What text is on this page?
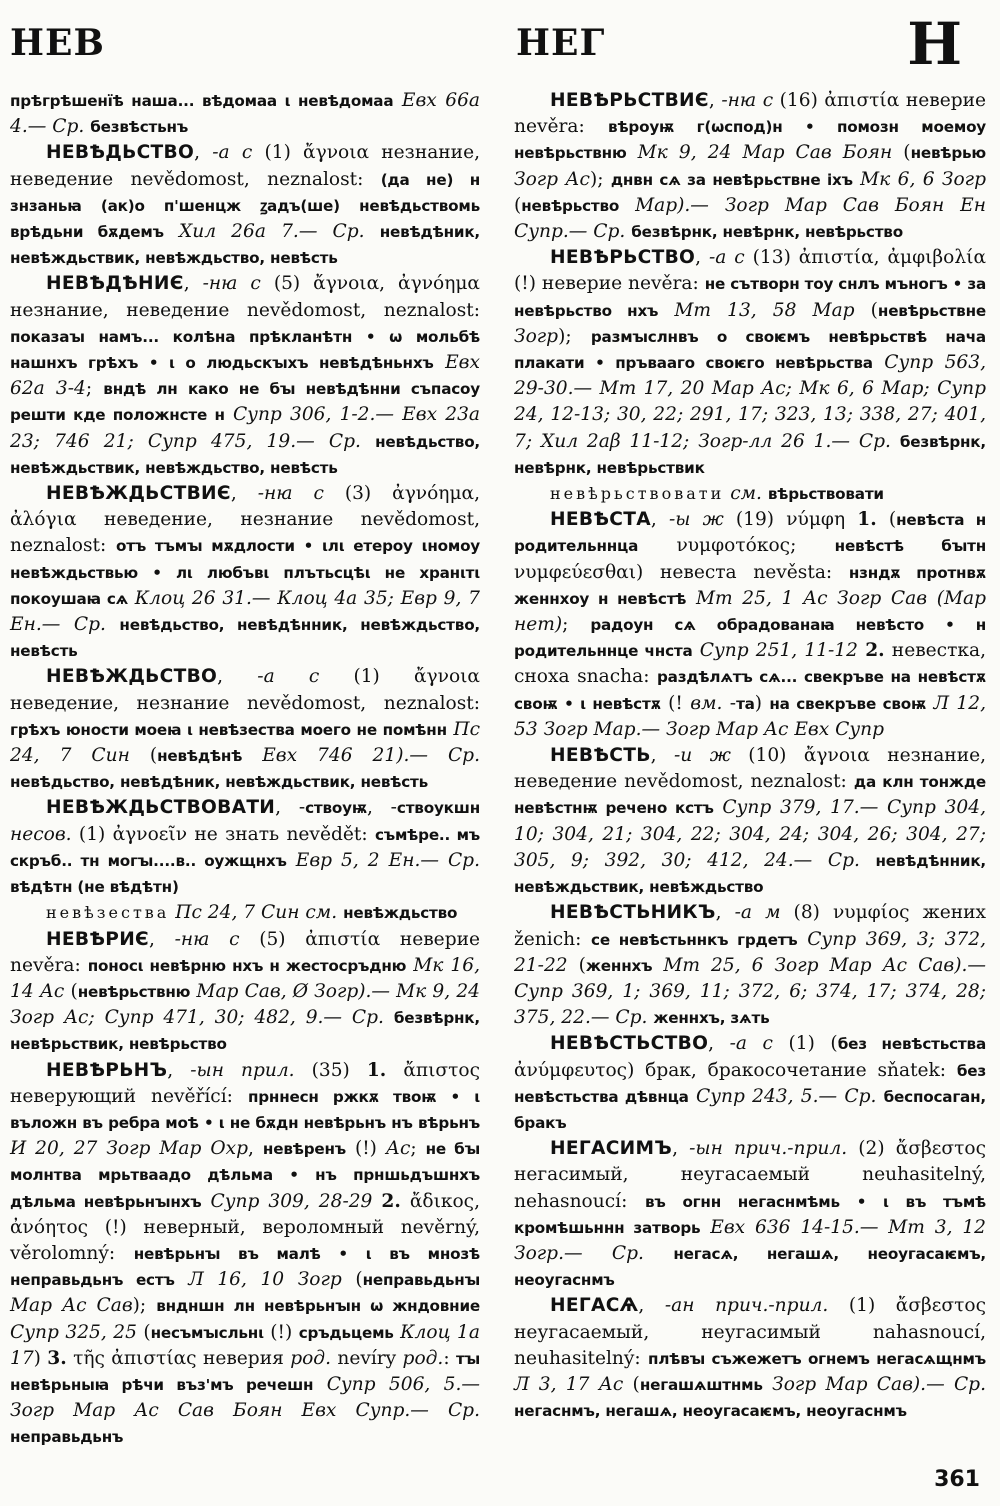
НЕВ	НЕГ	Н

прѣгрѣшенїѣ наша... вѣдомаа ι невѣдомаа Евх 66а 4.— Ср. безвѣстьнъ

НЕВѢДЬСТВО, -а с (1) ἄγνοια незнание, неведение nevědomost, neznalost: (да не) н знзаньꙗ (ак)о п'шенцж ꙁадъ(ше) невѣдьствомь врѣдьни бѫдемъ Хил 26а 7.— Ср. невѣдѣник, невѣждьствик, невѣждьство, невѣсть

НЕВѢДѢНИЄ, -нꙗ с (5) ἄγνοια, ἀγνόημα незнание, неведение nevědomost, neznalost: показаꙑ намъ... колѣна прѣкланѣтн • ѡ мольбѣ нашнхъ грѣхъ • ι о людьскꙑхъ невѣдѣньнхъ Евх 62а 3-4; вндѣ лн како не бꙑ невѣдѣнни съпасоу решти кде положнсте н Супр 306, 1-2.— Евх 23а 23; 746 21; Супр 475, 19.— Ср. невѣдьство, невѣждьствик, невѣждьство, невѣсть

НЕВѢЖДЬСТВИЄ, -нꙗ с (3) ἀγνόημα, ἀλόγια неведение, незнание nevědomost, neznalost: отъ тъмꙑ мѫдлости • ιлι етероу ιномоу невѣждьствью • лι любъвι плътьсцѣι не хранιтι покоушаꙗ сѧ Клоц 26 31.— Клоц 4а 35; Евр 9, 7 Ен.— Ср. невѣдьство, невѣдѣнник, невѣждьство, невѣсть

НЕВѢЖДЬСТВО, -а с (1) ἄγνοια неведение, незнание nevědomost, neznalost: грѣхъ юности моеꙗ ι невѣзества моего не помѣнн Пс 24, 7 Син (невѣдѣнѣ Евх 746 21).— Ср. невѣдьство, невѣдѣник, невѣждьствик, невѣсть

НЕВѢЖДЬСТВОВАТИ, -ствоуѭ, -ствоукшн несов. (1) ἀγνοεῖν не знать nevědět: съмѣре.. мъ скръб.. тн могꙑ....в.. оужщнхъ Евр 5, 2 Ен.— Ср. вѣдѣтн (не вѣдѣтн)

невѣзества Пс 24, 7 Син см. невѣждьство

НЕВѢРИЄ, -нꙗ с (5) ἀπιστία неверие nevěra: поносι невѣрню нхъ н жестосръдню Мк 16, 14 Ас (невѣрьствню Мар Сав, Ø Зогр).— Мк 9, 24 Зогр Ас; Супр 471, 30; 482, 9.— Ср. безвѣрнк, невѣрьствик, невѣрьство

НЕВѢРЬНЪ, -ын прил. (35) 1. ἄπιστος неверующий nevěřící: прннесн ржкѫ твоѭ • ι въложн въ ребра моѣ • ι не бѫдн невѣрьнъ нъ вѣрьнъ И 20, 27 Зогр Мар Охр, невѣренъ (!) Ас; не бꙑ молнтва мрьтваадо дѣльма • нъ прншьдъшнхъ дѣльма невѣрьнꙑнхъ Супр 309, 28-29 2. ἄδικος, ἀνόητος (!) неверный, вероломный nevěrný, věrolomný: невѣрьнꙑ въ малѣ • ι въ мнозѣ неправьдьнъ естъ Л 16, 10 Зогр (неправьдьнꙑ Мар Ас Сав); вндншн лн невѣрьнꙑн ѡ жндовние Супр 325, 25 (несъмꙑсльнι (!) сръдьцемь Клоц 1а 17) 3. τῆς ἀπιστίας неверия род. nevíry род.: тꙑ невѣрьныꙗ рѣчи въз'мъ речешн Супр 506, 5.— Зогр Мар Ас Сав Боян Евх Супр.— Ср. неправьдьнъ

НЕВѢРЬСТВИЄ, -нꙗ с (16) ἀπιστία неверие nevěra: вѣроуѭ г(ѡспод)н • помозн моемоу невѣрьствню Мк 9, 24 Мар Сав Боян (невѣрью Зогр Ас); днвн сѧ за невѣрьствне іхъ Мк 6, 6 Зогр (невѣрьство Мар).— Зогр Мар Сав Боян Ен Супр.— Ср. безвѣрнк, невѣрнк, невѣрьство

НЕВѢРЬСТВО, -а с (13) ἀπιστία, ἀμφιβολία (!) неверие nevěra: не сътворн тоу снлъ мъногъ • за невѣрьство нхъ Мт 13, 58 Мар (невѣрьствне Зогр); размꙑслнвъ о своѥмъ невѣрьствѣ нача плакати • пръвааго своѥго невѣрьства Супр 563, 29-30.— Мт 17, 20 Мар Ас; Мк 6, 6 Мар; Супр 24, 12-13; 30, 22; 291, 17; 323, 13; 338, 27; 401, 7; Хил 2аβ 11-12; Зогр-лл 26 1.— Ср. безвѣрнк, невѣрнк, невѣрьствик

невѣрьствовати см. вѣрьствовати

НЕВѢСТА, -ы ж (19) νύμφη 1. (невѣста н родительннца νυμφοτόκος; невѣстѣ бꙑтн νυμφεύεσθαι) невеста nevěsta: нзндѫ протнвѫ женнхоу н невѣстѣ Мт 25, 1 Ас Зогр Сав (Мар нет); радоун сѧ обрадованаꙗ невѣсто • н родительннце чнста Супр 251, 11-12 2. невестка, сноха snacha: раздѣлѧтъ сѧ... свекръве на невѣстѫ своѭ • ι невѣстѫ (! вм. -та) на свекръве своѭ Л 12, 53 Зогр Мар.— Зогр Мар Ас Евх Супр

НЕВѢСТЬ, -и ж (10) ἄγνοια незнание, неведение nevědomost, neznalost: да клн тонжде невѣстнѭ речено кстъ Супр 379, 17.— Супр 304, 10; 304, 21; 304, 22; 304, 24; 304, 26; 304, 27; 305, 9; 392, 30; 412, 24.— Ср. невѣдѣнник, невѣждьствик, невѣждьство

НЕВѢСТЬНИКЪ, -а м (8) νυμφίος жених ženich: се невѣстьннкъ грдетъ Супр 369, 3; 372, 21-22 (женнхъ Мт 25, 6 Зогр Мар Ас Сав).— Супр 369, 1; 369, 11; 372, 6; 374, 17; 374, 28; 375, 22.— Ср. женнхъ, зѧть

НЕВѢСТЬСТВО, -а с (1) (без невѣстьства ἀνύμφευτος) брак, бракосочетание sňatek: без невѣстьства дѣвнца Супр 243, 5.— Ср. беспосаган, бракъ

НЕГАСИМЪ, -ын прич.-прил. (2) ἄσβεστος негасимый, неугасаемый neuhasitelný, nehasnoucí: въ огнн негаснмѣмь • ι въ тъмѣ кромѣшьннн затворь Евх 636 14-15.— Мт 3, 12 Зогр.— Ср. негасѧ, негашѧ, неоугасаѥмъ, неоугаснмъ

НЕГАСѦ, -ан прич.-прил. (1) ἄσβεστος неугасаемый, неугасимый nahasnoucí, neuhasitelný: плѣвꙑ съжежетъ огнемъ негасѧщнмъ Л 3, 17 Ас (негашѧштнмь Зогр Мар Сав).— Ср. негаснмъ, негашѧ, неоугасаѥмъ, неоугаснмъ

361
